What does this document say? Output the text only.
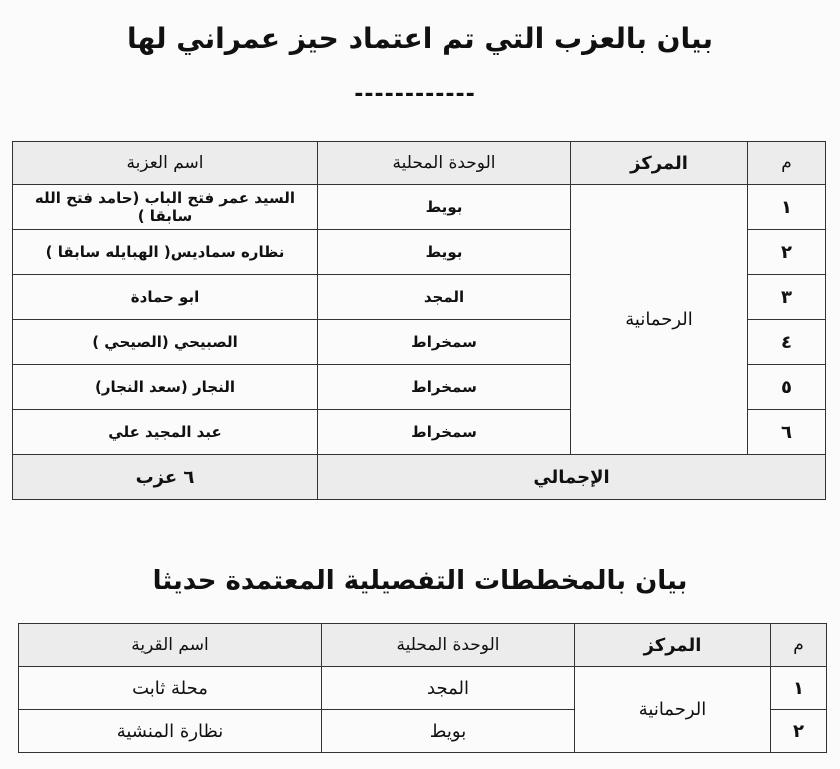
بيان بالعزب التي تم اعتماد حيز عمراني لها
------------
م	المركز	الوحدة المحلية	اسم العزبة
١	الرحمانية	بويط	السيد عمر فتح الباب (حامد فتح الله سابقا )
٢		بويط	نظاره سماديس( الهبايله سابقا )
٣		المجد	ابو حمادة
٤		سمخراط	الصبيحي (الصيحي )
٥		سمخراط	النجار (سعد النجار)
٦		سمخراط	عبد المجيد علي
الإجمالي			٦ عزب
بيان بالمخططات التفصيلية المعتمدة حديثا
م	المركز	الوحدة المحلية	اسم القرية
١	الرحمانية	المجد	محلة ثابت
٢		بويط	نظارة المنشية
